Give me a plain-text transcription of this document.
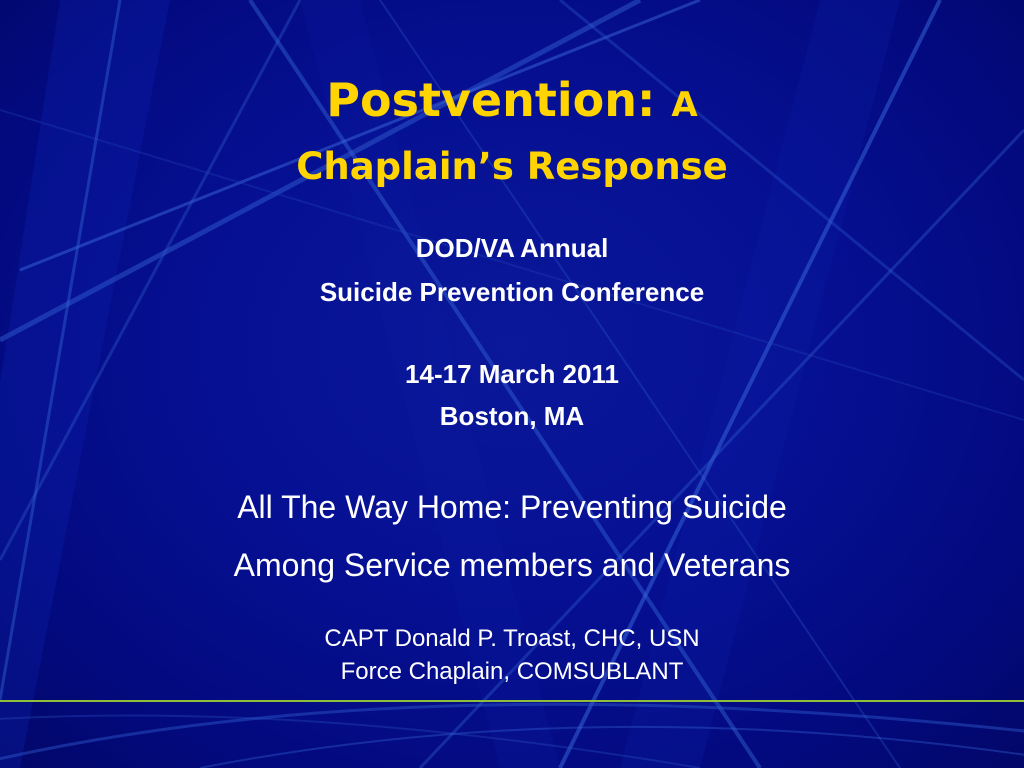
Postvention: A
Chaplain’s Response
DOD/VA Annual
Suicide Prevention Conference
14-17 March 2011
Boston, MA
All The Way Home: Preventing Suicide
Among Service members and Veterans
CAPT Donald P. Troast, CHC, USN
Force Chaplain, COMSUBLANT
